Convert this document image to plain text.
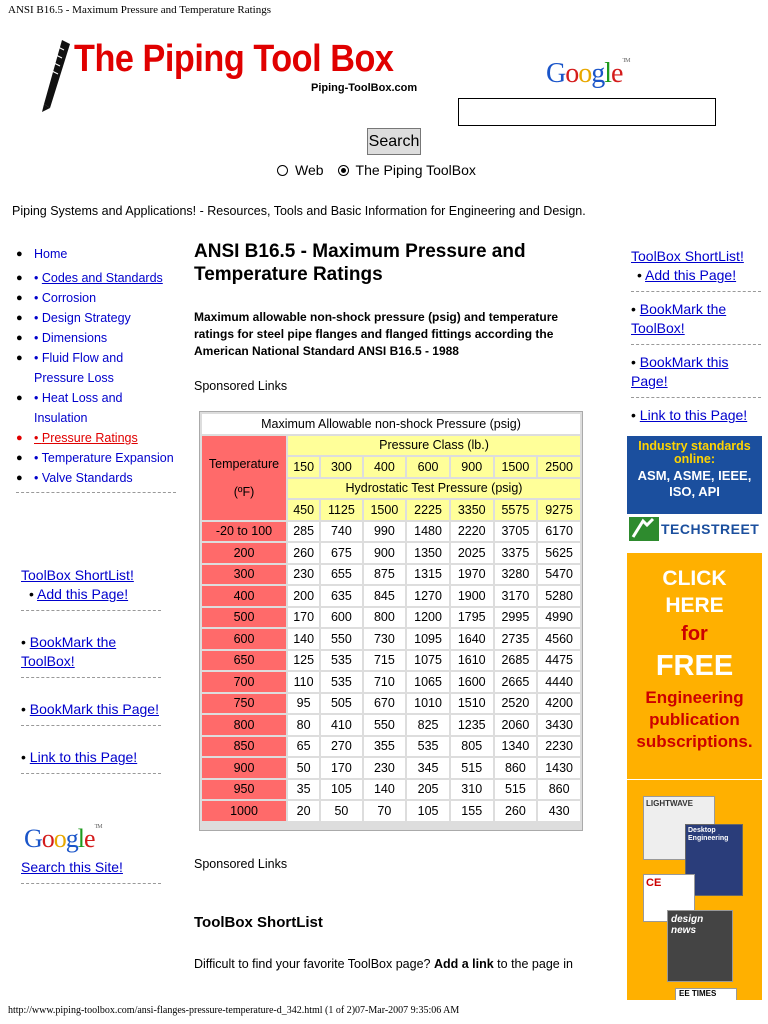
ANSI B16.5 - Maximum Pressure and Temperature Ratings
The Piping Tool Box
Piping-ToolBox.com	Google™
Search
Web The Piping ToolBox
Piping Systems and Applications! - Resources, Tools and Basic Information for Engineering and Design.
● Home
● • Codes and Standards
● • Corrosion
● • Design Strategy
● • Dimensions
● • Fluid Flow and Pressure Loss
● • Heat Loss and Insulation
● • Pressure Ratings
● • Temperature Expansion
● • Valve Standards
ToolBox ShortList!
• Add this Page!
• BookMark the ToolBox!
• BookMark this Page!
• Link to this Page!
Google™
Search this Site!
ANSI B16.5 - Maximum Pressure and Temperature Ratings
Maximum allowable non-shock pressure (psig) and temperature ratings for steel pipe flanges and flanged fittings according the American National Standard ANSI B16.5 - 1988
Sponsored Links
Maximum Allowable non-shock Pressure (psig)							
Temperature

(ºF)	Pressure Class (lb.)						
	150	300	400	600	900	1500	2500
	Hydrostatic Test Pressure (psig)						
	450	1125	1500	2225	3350	5575	9275
-20 to 100	285	740	990	1480	2220	3705	6170
200	260	675	900	1350	2025	3375	5625
300	230	655	875	1315	1970	3280	5470
400	200	635	845	1270	1900	3170	5280
500	170	600	800	1200	1795	2995	4990
600	140	550	730	1095	1640	2735	4560
650	125	535	715	1075	1610	2685	4475
700	110	535	710	1065	1600	2665	4440
750	95	505	670	1010	1510	2520	4200
800	80	410	550	825	1235	2060	3430
850	65	270	355	535	805	1340	2230
900	50	170	230	345	515	860	1430
950	35	105	140	205	310	515	860
1000	20	50	70	105	155	260	430
Sponsored Links
ToolBox ShortList
Difficult to find your favorite ToolBox page? Add a link to the page in
ToolBox ShortList!
• Add this Page!
• BookMark the ToolBox!
• BookMark this Page!
• Link to this Page!
Industry standards
online:
ASM, ASME, IEEE,
ISO, API
TECHSTREET
CLICK
HERE
for
FREE
Engineering
publication
subscriptions.
LIGHTWAVE
Desktop Engineering
CE
design news
EE TIMES
http://www.piping-toolbox.com/ansi-flanges-pressure-temperature-d_342.html (1 of 2)07-Mar-2007 9:35:06 AM
